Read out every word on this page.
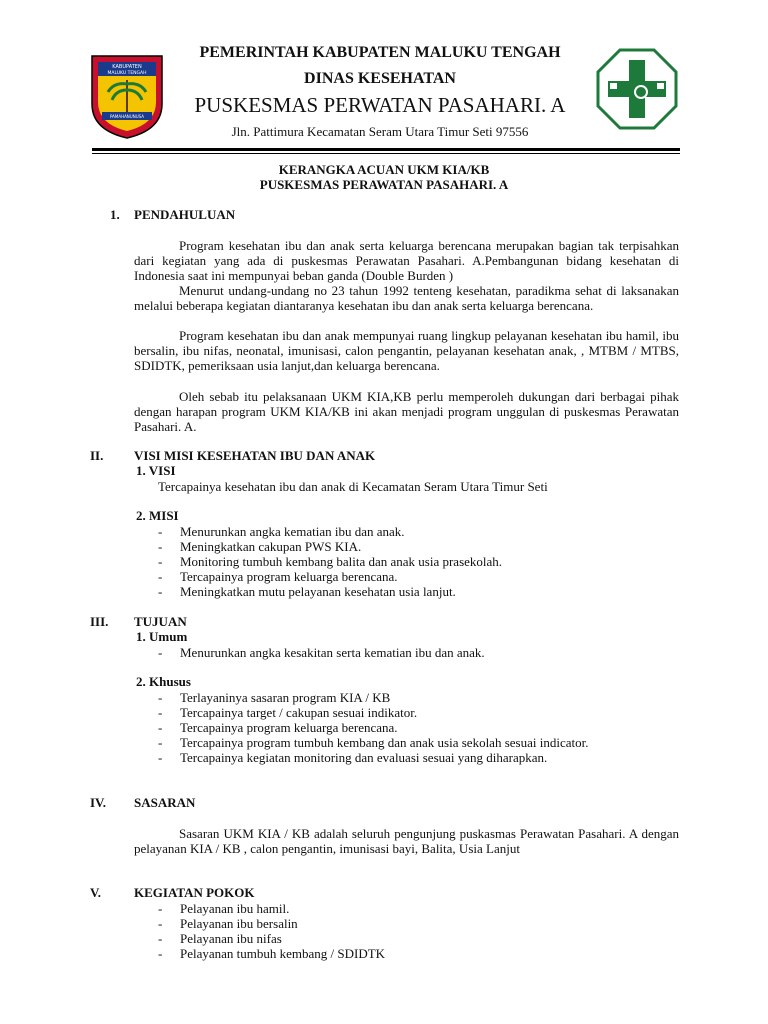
KABUPATEN
MALUKU TENGAH
PAMAHANUNUSA
PEMERINTAH KABUPATEN MALUKU TENGAH
DINAS KESEHATAN
PUSKESMAS PERWATAN PASAHARI. A
Jln. Pattimura Kecamatan Seram Utara Timur Seti 97556
KERANGKA ACUAN UKM KIA/KB
PUSKESMAS PERAWATAN PASAHARI. A
1. PENDAHULUAN
Program kesehatan ibu dan anak serta keluarga berencana merupakan bagian tak terpisahkan dari kegiatan yang ada di puskesmas Perawatan Pasahari. A.Pembangunan bidang kesehatan di Indonesia saat ini mempunyai beban ganda (Double Burden )
Menurut undang-undang no 23 tahun 1992 tenteng kesehatan, paradikma sehat di laksanakan melalui beberapa kegiatan diantaranya kesehatan ibu dan anak serta keluarga berencana.
Program kesehatan ibu dan anak mempunyai ruang lingkup pelayanan kesehatan ibu hamil, ibu bersalin, ibu nifas, neonatal, imunisasi, calon pengantin, pelayanan kesehatan anak, , MTBM / MTBS, SDIDTK, pemeriksaan usia lanjut,dan keluarga berencana.
Oleh sebab itu pelaksanaan UKM KIA,KB perlu memperoleh dukungan dari berbagai pihak dengan harapan program UKM KIA/KB ini akan menjadi program unggulan di puskesmas Perawatan Pasahari. A.
II. VISI MISI KESEHATAN IBU DAN ANAK
1. VISI
Tercapainya kesehatan ibu dan anak di Kecamatan Seram Utara Timur Seti
2. MISI
- Menurunkan angka kematian ibu dan anak.
- Meningkatkan cakupan PWS KIA.
- Monitoring tumbuh kembang balita dan anak usia prasekolah.
- Tercapainya program keluarga berencana.
- Meningkatkan mutu pelayanan kesehatan usia lanjut.
III. TUJUAN
1. Umum
- Menurunkan angka kesakitan serta kematian ibu dan anak.
2. Khusus
- Terlayaninya sasaran program KIA / KB
- Tercapainya target / cakupan sesuai indikator.
- Tercapainya program keluarga berencana.
- Tercapainya program tumbuh kembang dan anak usia sekolah sesuai indicator.
- Tercapainya kegiatan monitoring dan evaluasi sesuai yang diharapkan.
IV. SASARAN
Sasaran UKM KIA / KB adalah seluruh pengunjung puskasmas Perawatan Pasahari. A dengan pelayanan KIA / KB , calon pengantin, imunisasi bayi, Balita, Usia Lanjut
V.	KEGIATAN POKOK
- Pelayanan ibu hamil.
- Pelayanan ibu bersalin
- Pelayanan ibu nifas
- Pelayanan tumbuh kembang / SDIDTK
